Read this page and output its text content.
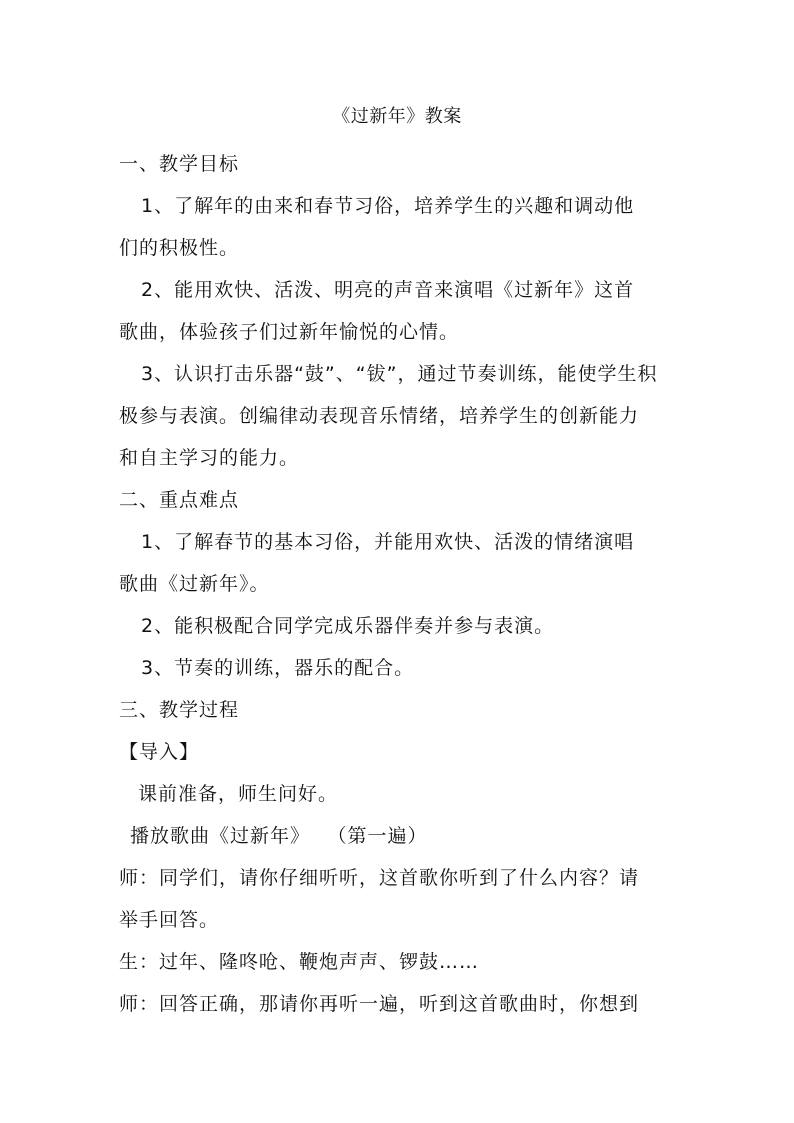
《过新年》教案
一、教学目标
1、了解年的由来和春节习俗，培养学生的兴趣和调动他
们的积极性。
2、能用欢快、活泼、明亮的声音来演唱《过新年》这首
歌曲，体验孩子们过新年愉悦的心情。
3、认识打击乐器“鼓”、“钹”，通过节奏训练，能使学生积
极参与表演。创编律动表现音乐情绪，培养学生的创新能力
和自主学习的能力。
二、重点难点
1、了解春节的基本习俗，并能用欢快、活泼的情绪演唱
歌曲《过新年》。
2、能积极配合同学完成乐器伴奏并参与表演。
3、节奏的训练，器乐的配合。
三、教学过程
【导入】
课前准备，师生问好。
播放歌曲《过新年》　 （第一遍）
师：同学们，请你仔细听听，这首歌你听到了什么内容？请
举手回答。
生：过年、隆咚呛、鞭炮声声、锣鼓……
师：回答正确，那请你再听一遍，听到这首歌曲时，你想到
